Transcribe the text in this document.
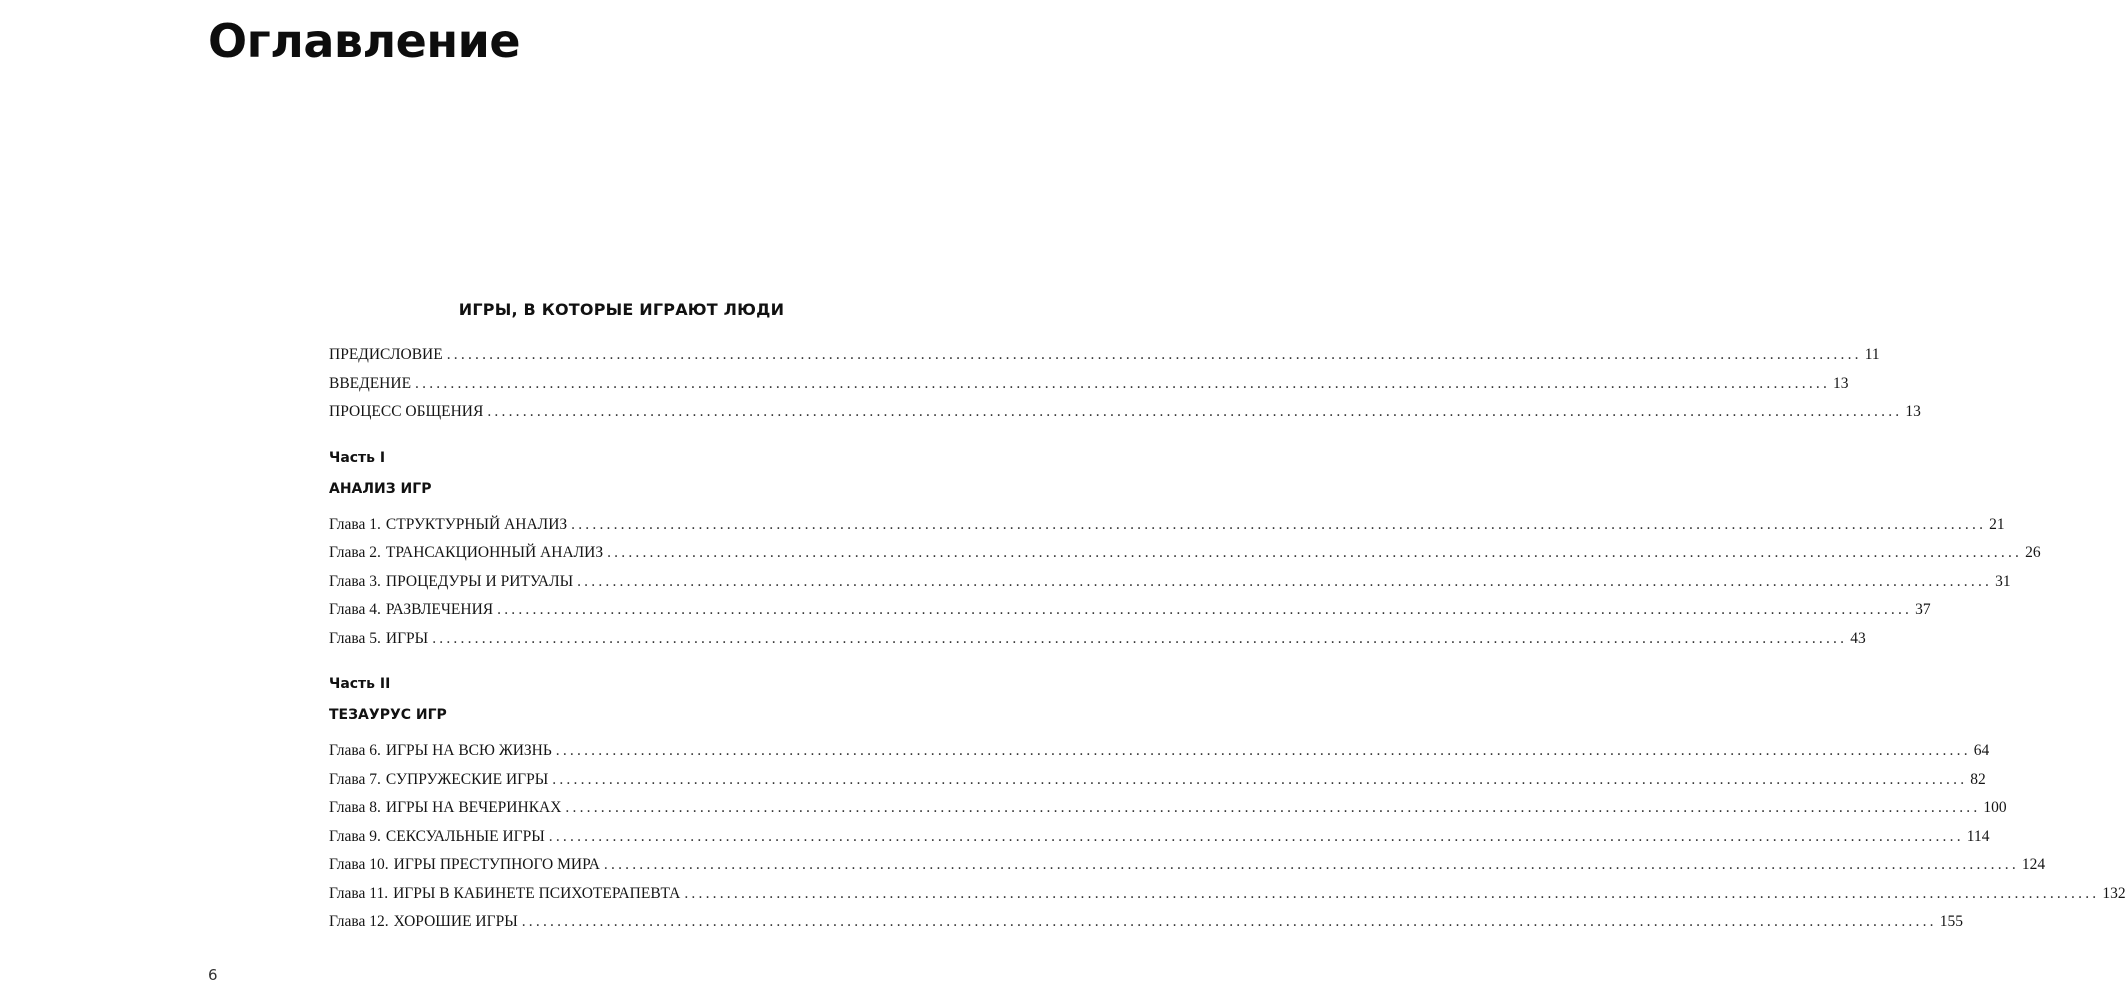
Оглавление
ИГРЫ, В КОТОРЫЕ ИГРАЮТ ЛЮДИ
ПРЕДИСЛОВИЕ ........................................................................................................................................................................................................ 11
ВВЕДЕНИЕ ........................................................................................................................................................................................................ 13
ПРОЦЕСС ОБЩЕНИЯ ........................................................................................................................................................................................................ 13
Часть I
АНАЛИЗ ИГР
Глава 1. СТРУКТУРНЫЙ АНАЛИЗ ........................................................................................................................................................................................................ 21
Глава 2. ТРАНСАКЦИОННЫЙ АНАЛИЗ ........................................................................................................................................................................................................ 26
Глава 3. ПРОЦЕДУРЫ И РИТУАЛЫ ........................................................................................................................................................................................................ 31
Глава 4. РАЗВЛЕЧЕНИЯ ........................................................................................................................................................................................................ 37
Глава 5. ИГРЫ ........................................................................................................................................................................................................ 43
Часть II
ТЕЗАУРУС ИГР
Глава 6. ИГРЫ НА ВСЮ ЖИЗНЬ ........................................................................................................................................................................................................ 64
Глава 7. СУПРУЖЕСКИЕ ИГРЫ ........................................................................................................................................................................................................ 82
Глава 8. ИГРЫ НА ВЕЧЕРИНКАХ ........................................................................................................................................................................................................ 100
Глава 9. СЕКСУАЛЬНЫЕ ИГРЫ ........................................................................................................................................................................................................ 114
Глава 10. ИГРЫ ПРЕСТУПНОГО МИРА ........................................................................................................................................................................................................ 124
Глава 11. ИГРЫ В КАБИНЕТЕ ПСИХОТЕРАПЕВТА ........................................................................................................................................................................................................ 132
Глава 12. ХОРОШИЕ ИГРЫ ........................................................................................................................................................................................................ 155
6
